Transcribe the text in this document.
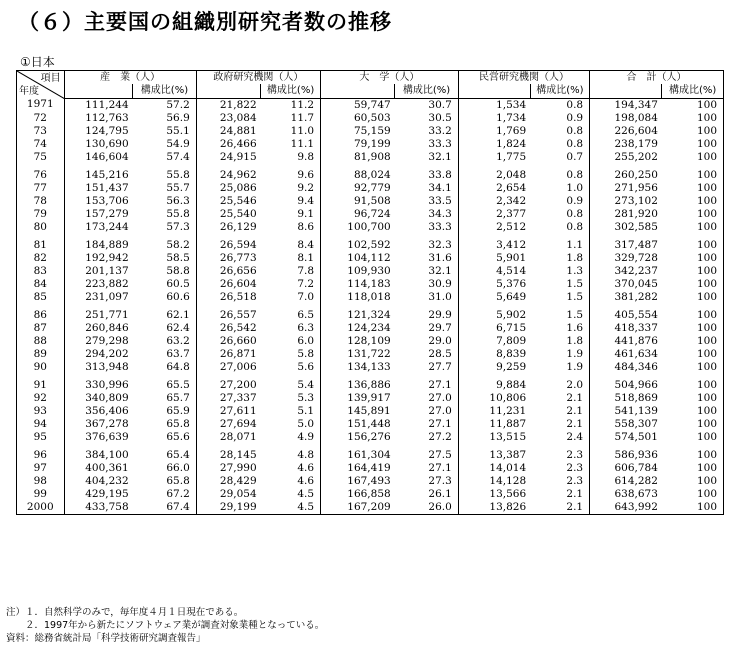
（６）主要国の組織別研究者数の推移
①日本
項目
年度	産　業（人）		政府研究機関（人）		大　学（人）		民営研究機関（人）		合　計（人）	
		構成比(%)		構成比(%)		構成比(%)		構成比(%)		構成比(%)
1971	111,244	57.2	21,822	11.2	59,747	30.7	1,534	0.8	194,347	100
72	112,763	56.9	23,084	11.7	60,503	30.5	1,734	0.9	198,084	100
73	124,795	55.1	24,881	11.0	75,159	33.2	1,769	0.8	226,604	100
74	130,690	54.9	26,466	11.1	79,199	33.3	1,824	0.8	238,179	100
75	146,604	57.4	24,915	9.8	81,908	32.1	1,775	0.7	255,202	100
76	145,216	55.8	24,962	9.6	88,024	33.8	2,048	0.8	260,250	100
77	151,437	55.7	25,086	9.2	92,779	34.1	2,654	1.0	271,956	100
78	153,706	56.3	25,546	9.4	91,508	33.5	2,342	0.9	273,102	100
79	157,279	55.8	25,540	9.1	96,724	34.3	2,377	0.8	281,920	100
80	173,244	57.3	26,129	8.6	100,700	33.3	2,512	0.8	302,585	100
81	184,889	58.2	26,594	8.4	102,592	32.3	3,412	1.1	317,487	100
82	192,942	58.5	26,773	8.1	104,112	31.6	5,901	1.8	329,728	100
83	201,137	58.8	26,656	7.8	109,930	32.1	4,514	1.3	342,237	100
84	223,882	60.5	26,604	7.2	114,183	30.9	5,376	1.5	370,045	100
85	231,097	60.6	26,518	7.0	118,018	31.0	5,649	1.5	381,282	100
86	251,771	62.1	26,557	6.5	121,324	29.9	5,902	1.5	405,554	100
87	260,846	62.4	26,542	6.3	124,234	29.7	6,715	1.6	418,337	100
88	279,298	63.2	26,660	6.0	128,109	29.0	7,809	1.8	441,876	100
89	294,202	63.7	26,871	5.8	131,722	28.5	8,839	1.9	461,634	100
90	313,948	64.8	27,006	5.6	134,133	27.7	9,259	1.9	484,346	100
91	330,996	65.5	27,200	5.4	136,886	27.1	9,884	2.0	504,966	100
92	340,809	65.7	27,337	5.3	139,917	27.0	10,806	2.1	518,869	100
93	356,406	65.9	27,611	5.1	145,891	27.0	11,231	2.1	541,139	100
94	367,278	65.8	27,694	5.0	151,448	27.1	11,887	2.1	558,307	100
95	376,639	65.6	28,071	4.9	156,276	27.2	13,515	2.4	574,501	100
96	384,100	65.4	28,145	4.8	161,304	27.5	13,387	2.3	586,936	100
97	400,361	66.0	27,990	4.6	164,419	27.1	14,014	2.3	606,784	100
98	404,232	65.8	28,429	4.6	167,493	27.3	14,128	2.3	614,282	100
99	429,195	67.2	29,054	4.5	166,858	26.1	13,566	2.1	638,673	100
2000	433,758	67.4	29,199	4.5	167,209	26.0	13,826	2.1	643,992	100
注）１．自然科学のみで，毎年度４月１日現在である。
　　２．1997年から新たにソフトウェア業が調査対象業種となっている。
資料：総務省統計局「科学技術研究調査報告」
